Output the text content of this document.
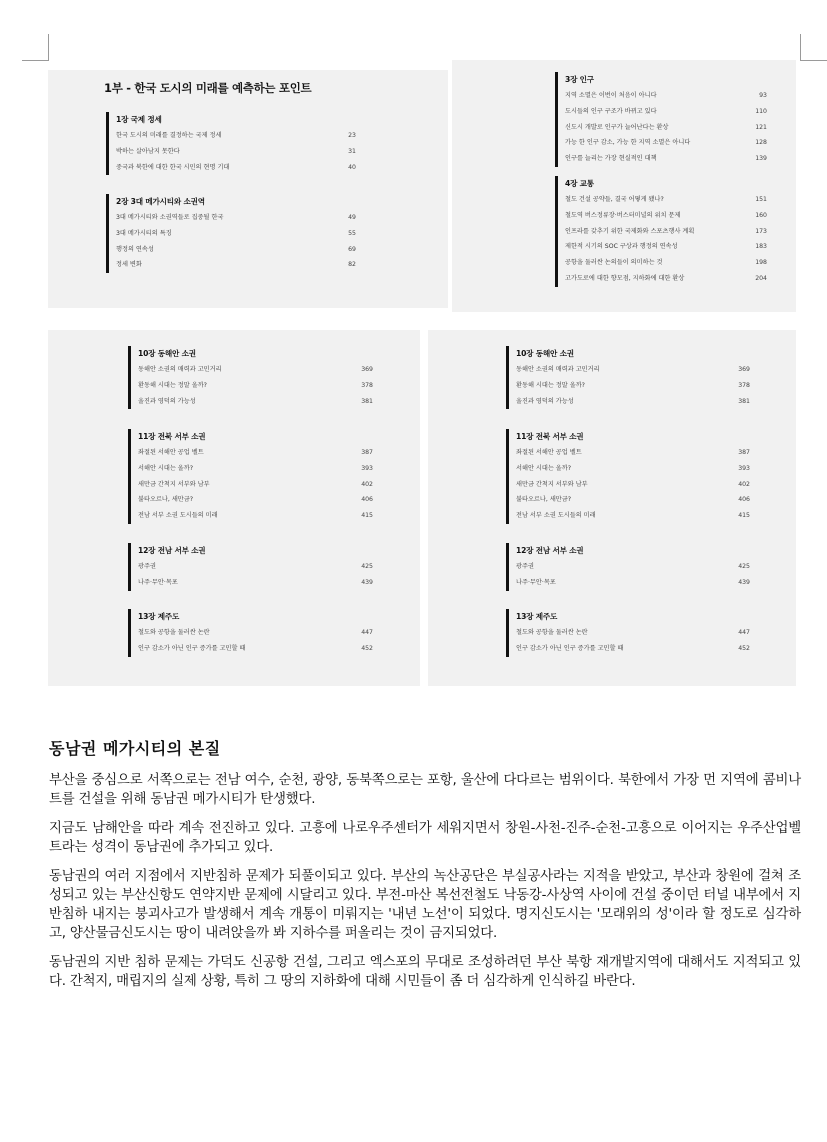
1부 - 한국 도시의 미래를 예측하는 포인트
1장 국제 정세
한국 도시의 미래를 결정하는 국제 정세	23
박하는 살아남지 못한다	31
중국과 북한에 대한 한국 시민의 현명 기대	40
2장 3대 메가시티와 소권역
3대 메가시티와 소권역들로 집중될 한국	49
3대 메가시티의 특징	55
행정의 연속성	69
정세 변화	82
3장 인구
지역 소멸은 이번이 처음이 아니다	93
도시들의 인구 구조가 바뀌고 있다	110
신도시 개발로 인구가 늘어난다는 환상	121
가능 한 인구 감소, 가능 한 지역 소멸은 아니다	128
인구를 늘리는 가장 현실적인 대책	139
4장 교통
철도 건설 공약들, 결국 어떻게 됐나?	151
철도역 버스정류장·버스터미널의 위치 문제	160
인프라를 갖추기 위한 국제화와 스포츠행사 계획	173
제한적 시기의 SOC 구상과 행정의 연속성	183
공항을 둘러싼 논의들이 의미하는 것	198
고가도로에 대한 향모점, 지하화에 대한 환상	204
10장 동해안 소권
동해안 소권의 매력과 고민거리	369
환동해 시대는 정말 올까?	378
울진과 영덕의 가능성	381
11장 전북 서부 소권
좌절된 서해안 공업 벨트	387
서해안 시대는 올까?	393
새만금 간척지 서부와 남부	402
불타오르나, 새만금?	406
전남 서부 소권 도시들의 미래	415
12장 전남 서부 소권
광주권	425
나주·무안·목포	439
13장 제주도
철도와 공항을 둘러싼 논란	447
인구 감소가 아닌 인구 증가를 고민할 때	452
10장 동해안 소권
동해안 소권의 매력과 고민거리	369
환동해 시대는 정말 올까?	378
울진과 영덕의 가능성	381
11장 전북 서부 소권
좌절된 서해안 공업 벨트	387
서해안 시대는 올까?	393
새만금 간척지 서부와 남부	402
불타오르나, 새만금?	406
전남 서부 소권 도시들의 미래	415
12장 전남 서부 소권
광주권	425
나주·무안·목포	439
13장 제주도
철도와 공항을 둘러싼 논란	447
인구 감소가 아닌 인구 증가를 고민할 때	452
동남권 메가시티의 본질

부산을 중심으로 서쪽으로는 전남 여수, 순천, 광양, 동북쪽으로는 포항, 울산에 다다르는 범위이다. 북한에서 가장 먼 지역에 콤비나트를 건설을 위해 동남권 메가시티가 탄생했다.

지금도 남해안을 따라 계속 전진하고 있다. 고흥에 나로우주센터가 세워지면서 창원-사천-진주-순천-고흥으로 이어지는 우주산업벨트라는 성격이 동남권에 추가되고 있다.

동남권의 여러 지점에서 지반침하 문제가 되풀이되고 있다. 부산의 녹산공단은 부실공사라는 지적을 받았고, 부산과 창원에 걸쳐 조성되고 있는 부산신항도 연약지반 문제에 시달리고 있다. 부전-마산 복선전철도 낙동강-사상역 사이에 건설 중이던 터널 내부에서 지반침하 내지는 붕괴사고가 발생해서 계속 개통이 미뤄지는 '내년 노선'이 되었다. 명지신도시는 '모래위의 성'이라 할 정도로 심각하고, 양산물금신도시는 땅이 내려앉을까 봐 지하수를 퍼올리는 것이 금지되었다.

동남권의 지반 침하 문제는 가덕도 신공항 건설, 그리고 엑스포의 무대로 조성하려던 부산 북항 재개발지역에 대해서도 지적되고 있다. 간척지, 매립지의 실제 상황, 특히 그 땅의 지하화에 대해 시민들이 좀 더 심각하게 인식하길 바란다.
